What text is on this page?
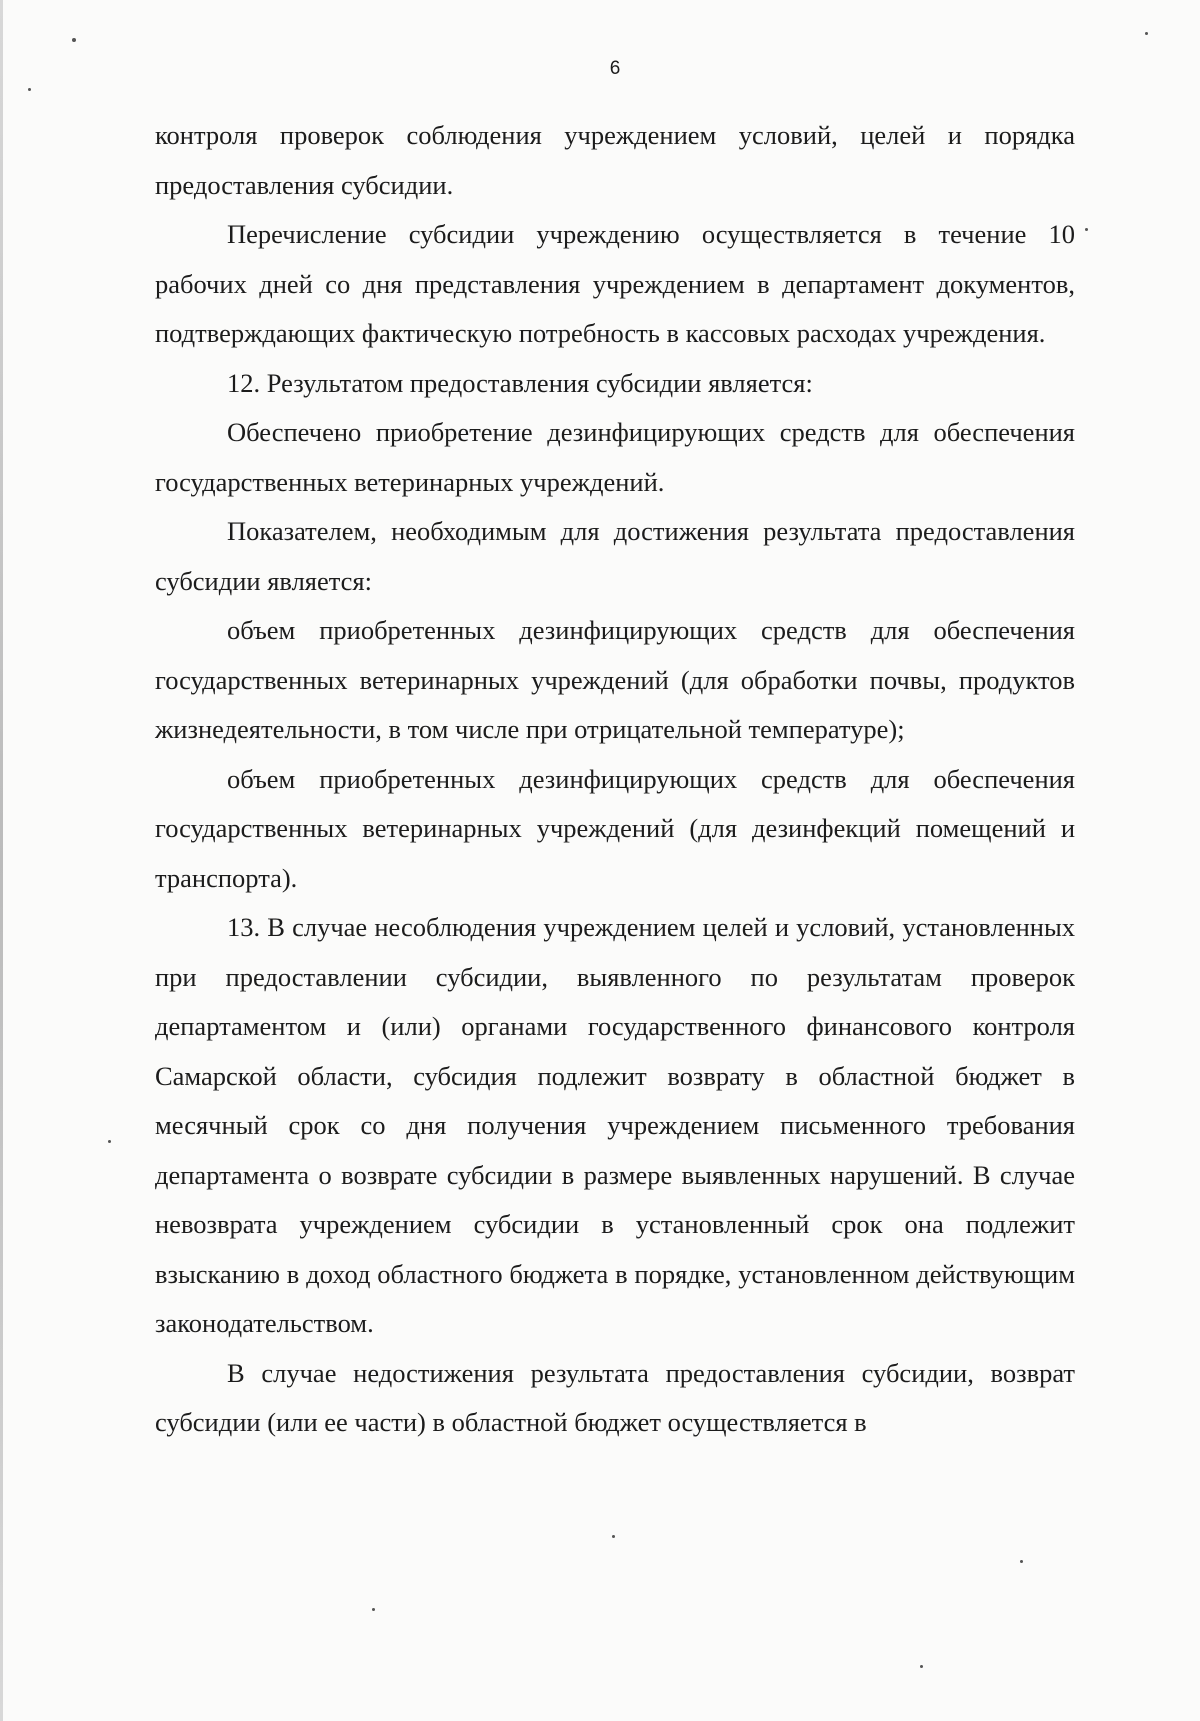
6

контроля проверок соблюдения учреждением условий, целей и порядка предоставления субсидии.

Перечисление субсидии учреждению осуществляется в течение 10 рабочих дней со дня представления учреждением в департамент документов, подтверждающих фактическую потребность в кассовых расходах учреждения.

12. Результатом предоставления субсидии является:

Обеспечено приобретение дезинфицирующих средств для обеспечения государственных ветеринарных учреждений.

Показателем, необходимым для достижения результата предоставления субсидии является:

объем приобретенных дезинфицирующих средств для обеспечения государственных ветеринарных учреждений (для обработки почвы, продуктов жизнедеятельности, в том числе при отрицательной температуре);

объем приобретенных дезинфицирующих средств для обеспечения государственных ветеринарных учреждений (для дезинфекций помещений и транспорта).

13. В случае несоблюдения учреждением целей и условий, установленных при предоставлении субсидии, выявленного по результатам проверок департаментом и (или) органами государственного финансового контроля Самарской области, субсидия подлежит возврату в областной бюджет в месячный срок со дня получения учреждением письменного требования департамента о возврате субсидии в размере выявленных нарушений. В случае невозврата учреждением субсидии в установленный срок она подлежит взысканию в доход областного бюджета в порядке, установленном действующим законодательством.

В случае недостижения результата предоставления субсидии, возврат субсидии (или ее части) в областной бюджет осуществляется в
